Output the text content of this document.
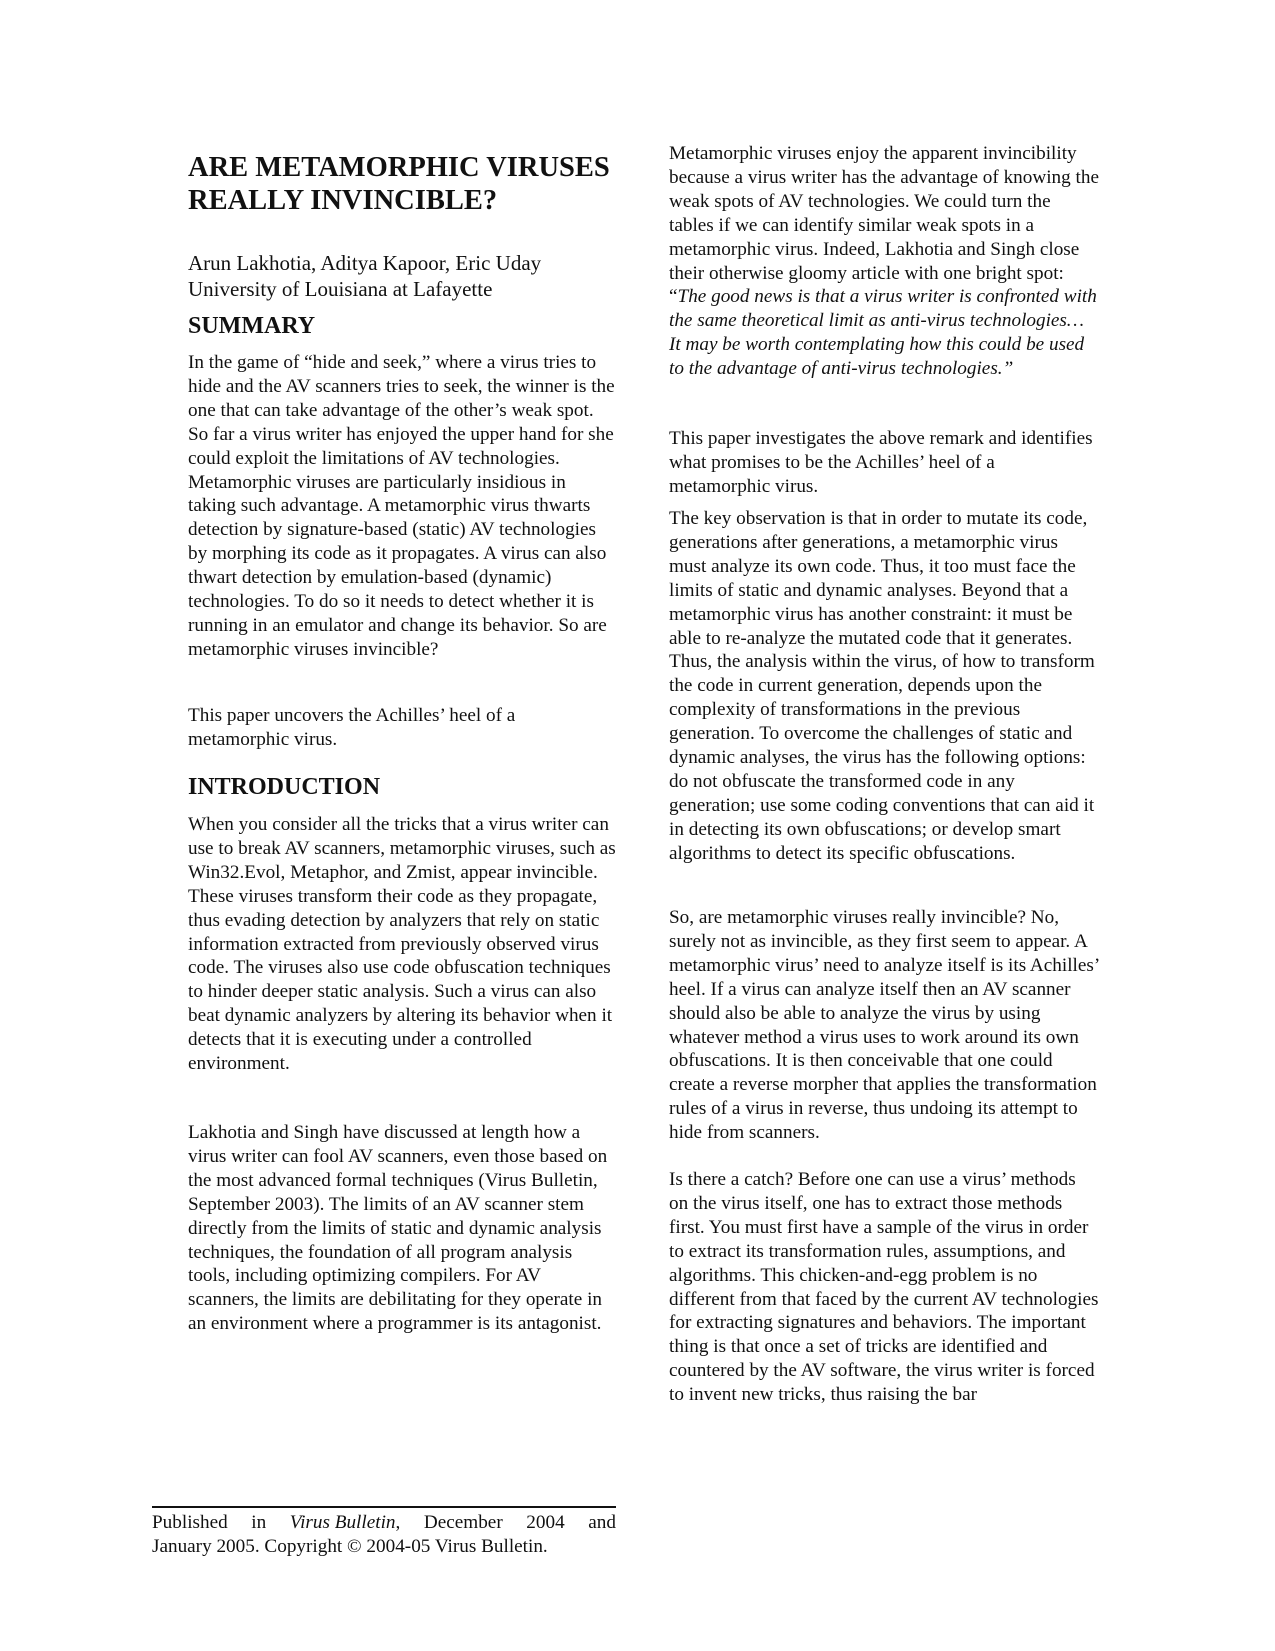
ARE METAMORPHIC VIRUSES REALLY INVINCIBLE?

Arun Lakhotia, Aditya Kapoor, Eric Uday
University of Louisiana at Lafayette

SUMMARY

In the game of “hide and seek,” where a virus tries to hide and the AV scanners tries to seek, the winner is the one that can take advantage of the other’s weak spot. So far a virus writer has enjoyed the upper hand for she could exploit the limitations of AV technologies. Metamorphic viruses are particularly insidious in taking such advantage. A metamorphic virus thwarts detection by signature-based (static) AV technologies by morphing its code as it propagates. A virus can also thwart detection by emulation-based (dynamic) technologies. To do so it needs to detect whether it is running in an emulator and change its behavior. So are metamorphic viruses invincible?

This paper uncovers the Achilles’ heel of a metamorphic virus.

INTRODUCTION

When you consider all the tricks that a virus writer can use to break AV scanners, metamorphic viruses, such as Win32.Evol, Metaphor, and Zmist, appear invincible. These viruses transform their code as they propagate, thus evading detection by analyzers that rely on static information extracted from previously observed virus code. The viruses also use code obfuscation techniques to hinder deeper static analysis. Such a virus can also beat dynamic analyzers by altering its behavior when it detects that it is executing under a controlled environment.

Lakhotia and Singh have discussed at length how a virus writer can fool AV scanners, even those based on the most advanced formal techniques (Virus Bulletin, September 2003). The limits of an AV scanner stem directly from the limits of static and dynamic analysis techniques, the foundation of all program analysis tools, including optimizing compilers. For AV scanners, the limits are debilitating for they operate in an environment where a programmer is its antagonist.

Metamorphic viruses enjoy the apparent invincibility because a virus writer has the advantage of knowing the weak spots of AV technologies. We could turn the tables if we can identify similar weak spots in a metamorphic virus. Indeed, Lakhotia and Singh close their otherwise gloomy article with one bright spot: “The good news is that a virus writer is confronted with the same theoretical limit as anti-virus technologies… It may be worth contemplating how this could be used to the advantage of anti-virus technologies.”

This paper investigates the above remark and identifies what promises to be the Achilles’ heel of a metamorphic virus.

The key observation is that in order to mutate its code, generations after generations, a metamorphic virus must analyze its own code. Thus, it too must face the limits of static and dynamic analyses. Beyond that a metamorphic virus has another constraint: it must be able to re-analyze the mutated code that it generates. Thus, the analysis within the virus, of how to transform the code in current generation, depends upon the complexity of transformations in the previous generation. To overcome the challenges of static and dynamic analyses, the virus has the following options: do not obfuscate the transformed code in any generation; use some coding conventions that can aid it in detecting its own obfuscations; or develop smart algorithms to detect its specific obfuscations.

So, are metamorphic viruses really invincible? No, surely not as invincible, as they first seem to appear. A metamorphic virus’ need to analyze itself is its Achilles’ heel. If a virus can analyze itself then an AV scanner should also be able to analyze the virus by using whatever method a virus uses to work around its own obfuscations. It is then conceivable that one could create a reverse morpher that applies the transformation rules of a virus in reverse, thus undoing its attempt to hide from scanners.

Is there a catch? Before one can use a virus’ methods on the virus itself, one has to extract those methods first. You must first have a sample of the virus in order to extract its transformation rules, assumptions, and algorithms. This chicken-and-egg problem is no different from that faced by the current AV technologies for extracting signatures and behaviors. The important thing is that once a set of tricks are identified and countered by the AV software, the virus writer is forced to invent new tricks, thus raising the bar

Published in Virus Bulletin, December 2004 and
January 2005. Copyright © 2004-05 Virus Bulletin.
